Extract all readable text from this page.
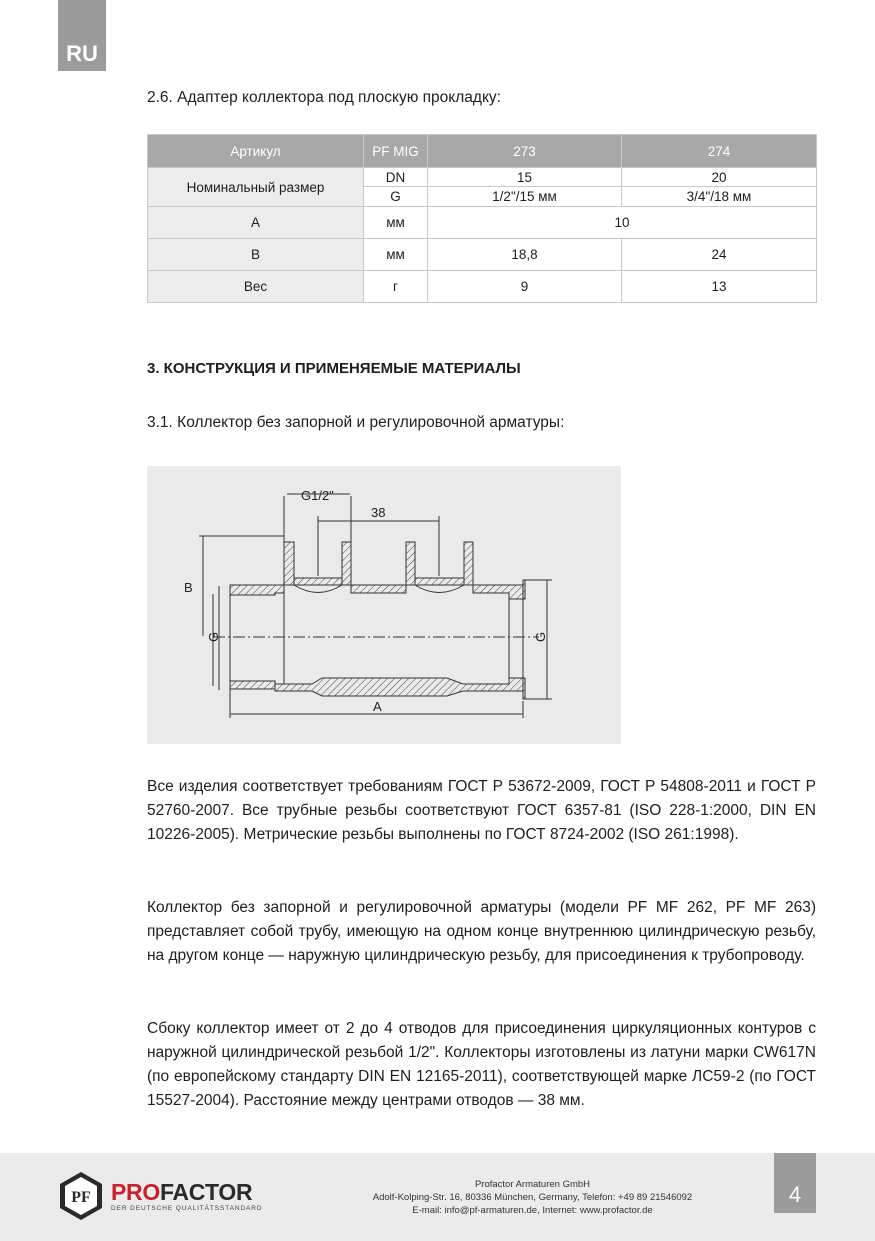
RU
2.6. Адаптер коллектора под плоскую прокладку:
Артикул	PF MIG	273	274
Номинальный размер	DN	15	20
	G	1/2"/15 мм	3/4"/18 мм
A	мм	10	
B	мм	18,8	24
Вес	г	9	13
3. КОНСТРУКЦИЯ И ПРИМЕНЯЕМЫЕ МАТЕРИАЛЫ
3.1. Коллектор без запорной и регулировочной арматуры:
G1/2"
38
B
G	G
A
Все изделия соответствует требованиям ГОСТ Р 53672-2009, ГОСТ Р 54808-2011 и ГОСТ Р 52760-2007. Все трубные резьбы соответствуют ГОСТ 6357-81 (ISO 228-1:2000, DIN EN 10226-2005). Метрические резьбы выполнены по ГОСТ 8724-2002 (ISO 261:1998).
Коллектор без запорной и регулировочной арматуры (модели PF MF 262, PF MF 263) представляет собой трубу, имеющую на одном конце внутреннюю цилиндрическую резьбу, на другом конце — наружную цилиндрическую резьбу, для присоединения к трубопроводу.
Сбоку коллектор имеет от 2 до 4 отводов для присоединения циркуляционных контуров с наружной цилиндрической резьбой 1/2". Коллекторы изготовлены из латуни марки CW617N (по европейскому стандарту DIN EN 12165-2011), соответствующей марке ЛС59-2 (по ГОСТ 15527-2004). Расстояние между центрами отводов — 38 мм.
PF PROFACTOR
DER DEUTSCHE QUALITÄTSSTANDARD
Profactor Armaturen GmbH
Adolf-Kolping-Str. 16, 80336 München, Germany, Telefon: +49 89 21546092
E-mail: info@pf-armaturen.de, Internet: www.profactor.de
4
